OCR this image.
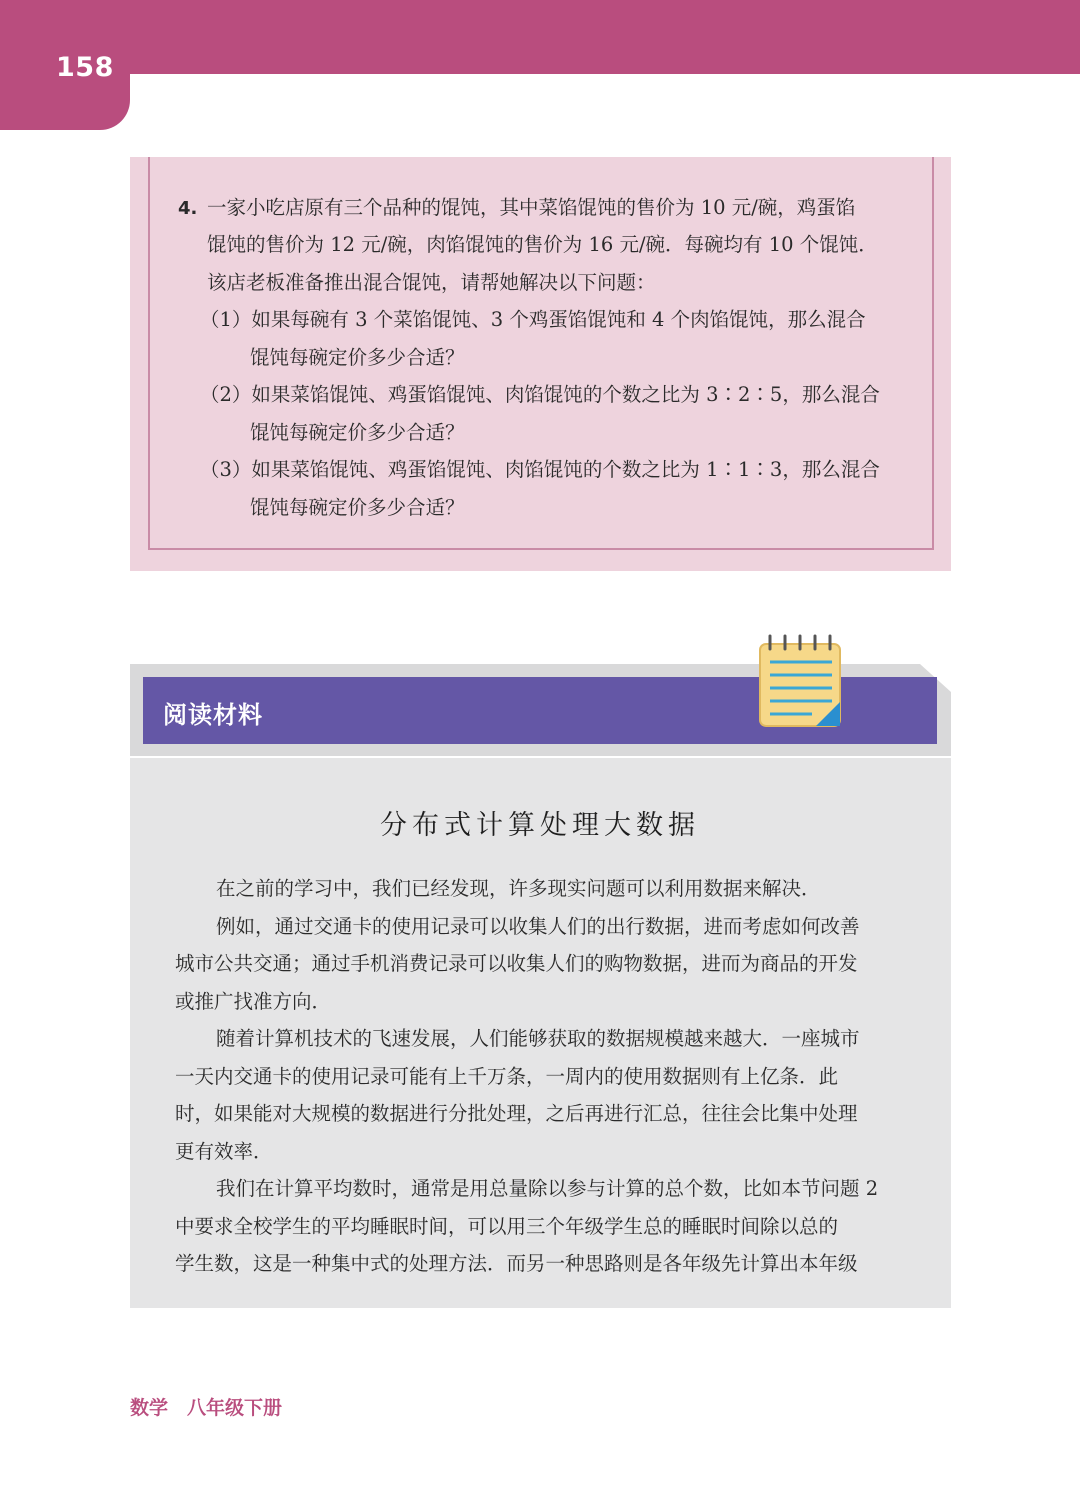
158
4. 一家小吃店原有三个品种的馄饨，其中菜馅馄饨的售价为 10 元/碗，鸡蛋馅
馄饨的售价为 12 元/碗，肉馅馄饨的售价为 16 元/碗．每碗均有 10 个馄饨．
该店老板准备推出混合馄饨，请帮她解决以下问题：
（1）如果每碗有 3 个菜馅馄饨、3 个鸡蛋馅馄饨和 4 个肉馅馄饨，那么混合
馄饨每碗定价多少合适？
（2）如果菜馅馄饨、鸡蛋馅馄饨、肉馅馄饨的个数之比为 3∶2∶5，那么混合
馄饨每碗定价多少合适？
（3）如果菜馅馄饨、鸡蛋馅馄饨、肉馅馄饨的个数之比为 1∶1∶3，那么混合
馄饨每碗定价多少合适？
阅读材料
分布式计算处理大数据
在之前的学习中，我们已经发现，许多现实问题可以利用数据来解决．
例如，通过交通卡的使用记录可以收集人们的出行数据，进而考虑如何改善
城市公共交通；通过手机消费记录可以收集人们的购物数据，进而为商品的开发
或推广找准方向．
随着计算机技术的飞速发展，人们能够获取的数据规模越来越大．一座城市
一天内交通卡的使用记录可能有上千万条，一周内的使用数据则有上亿条．此
时，如果能对大规模的数据进行分批处理，之后再进行汇总，往往会比集中处理
更有效率．
我们在计算平均数时，通常是用总量除以参与计算的总个数，比如本节问题 2
中要求全校学生的平均睡眠时间，可以用三个年级学生总的睡眠时间除以总的
学生数，这是一种集中式的处理方法．而另一种思路则是各年级先计算出本年级
数学　八年级下册
